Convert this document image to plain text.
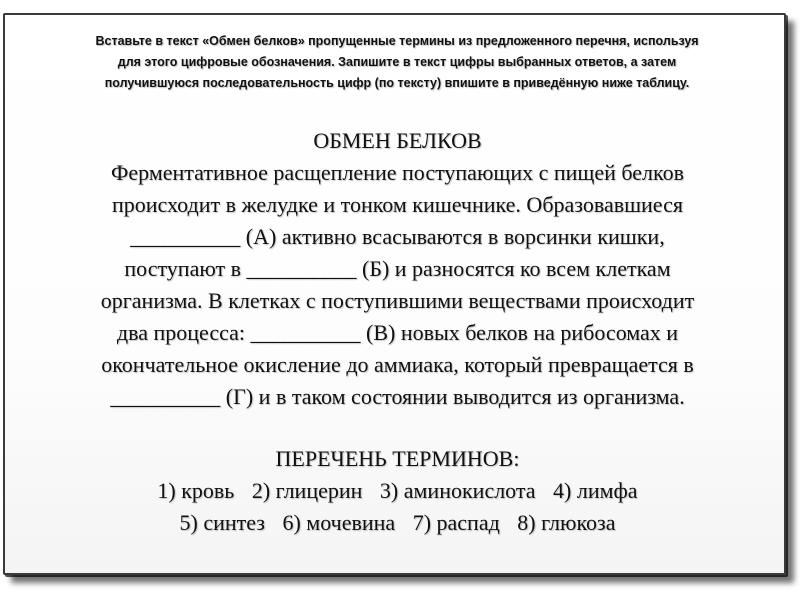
Вставьте в текст «Обмен белков» пропущенные термины из предложенного перечня, используя
для этого цифровые обозначения. Запишите в текст цифры выбранных ответов, а затем
получившуюся последовательность цифр (по тексту) впишите в приведённую ниже таблицу.
ОБМЕН БЕЛКОВ
Ферментативное расщепление поступающих с пищей белков
происходит в желудке и тонком кишечнике. Образовавшиеся
__________ (А) активно всасываются в ворсинки кишки,
поступают в __________ (Б) и разносятся ко всем клеткам
организма. В клетках с поступившими веществами происходит
два процесса: __________ (В) новых белков на рибосомах и
окончательное окисление до аммиака, который превращается в
__________ (Г) и в таком состоянии выводится из организма.
ПЕРЕЧЕНЬ ТЕРМИНОВ:
1) кровь 2) глицерин 3) аминокислота 4) лимфа
5) синтез 6) мочевина 7) распад 8) глюкоза
